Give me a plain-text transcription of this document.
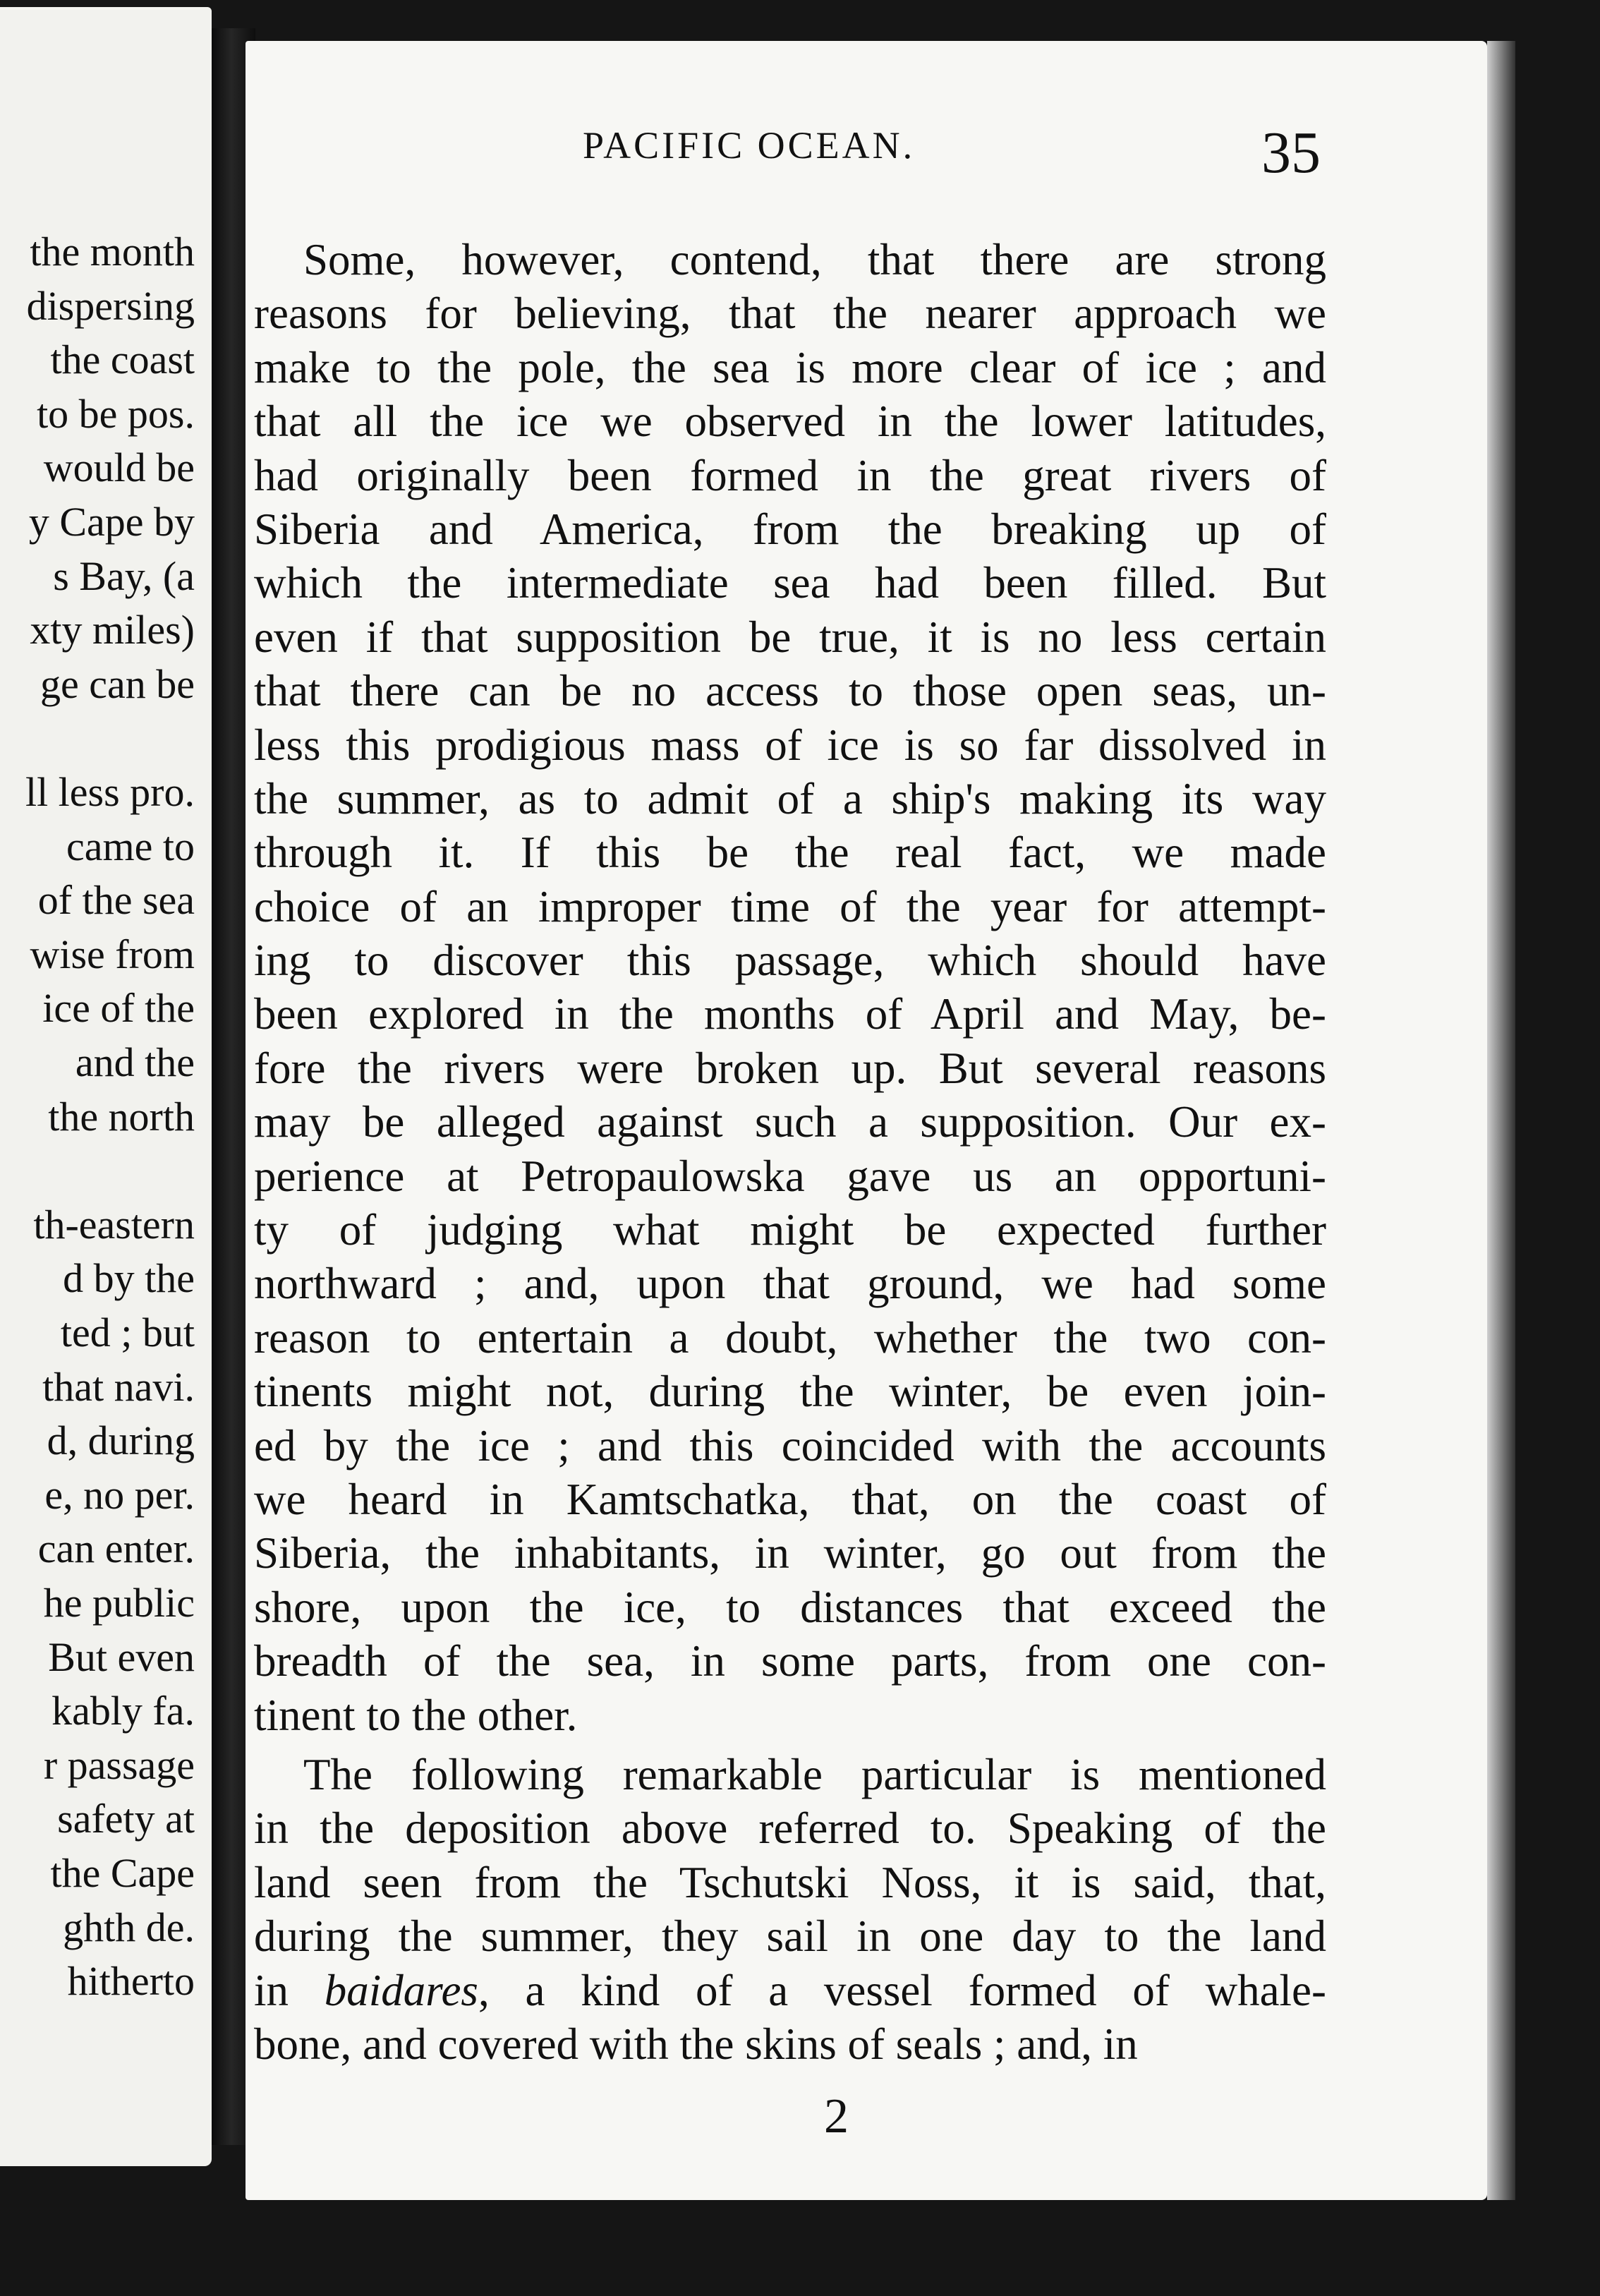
the month
dispersing
the coast
to be pos.
would be
y Cape by
s Bay, (a
xty miles)
ge can be
ll less pro.
came to
of the sea
wise from
ice of the
and the
the north
th-eastern
d by the
ted ; but
that navi.
d, during
e, no per.
can enter.
he public
But even
kably fa.
r passage
safety at
the Cape
ghth de.
hitherto
PACIFIC OCEAN.	35
Some, however, contend, that there are strong
reasons for believing, that the nearer approach we
make to the pole, the sea is more clear of ice ; and
that all the ice we observed in the lower latitudes,
had originally been formed in the great rivers of
Siberia and America, from the breaking up of
which the intermediate sea had been filled. But
even if that supposition be true, it is no less certain
that there can be no access to those open seas, un-
less this prodigious mass of ice is so far dissolved in
the summer, as to admit of a ship's making its way
through it. If this be the real fact, we made
choice of an improper time of the year for attempt-
ing to discover this passage, which should have
been explored in the months of April and May, be-
fore the rivers were broken up. But several reasons
may be alleged against such a supposition. Our ex-
perience at Petropaulowska gave us an opportuni-
ty of judging what might be expected further
northward ; and, upon that ground, we had some
reason to entertain a doubt, whether the two con-
tinents might not, during the winter, be even join-
ed by the ice ; and this coincided with the accounts
we heard in Kamtschatka, that, on the coast of
Siberia, the inhabitants, in winter, go out from the
shore, upon the ice, to distances that exceed the
breadth of the sea, in some parts, from one con-
tinent to the other.
The following remarkable particular is mentioned
in the deposition above referred to. Speaking of the
land seen from the Tschutski Noss, it is said, that,
during the summer, they sail in one day to the land
in baidares, a kind of a vessel formed of whale-
bone, and covered with the skins of seals ; and, in
2
